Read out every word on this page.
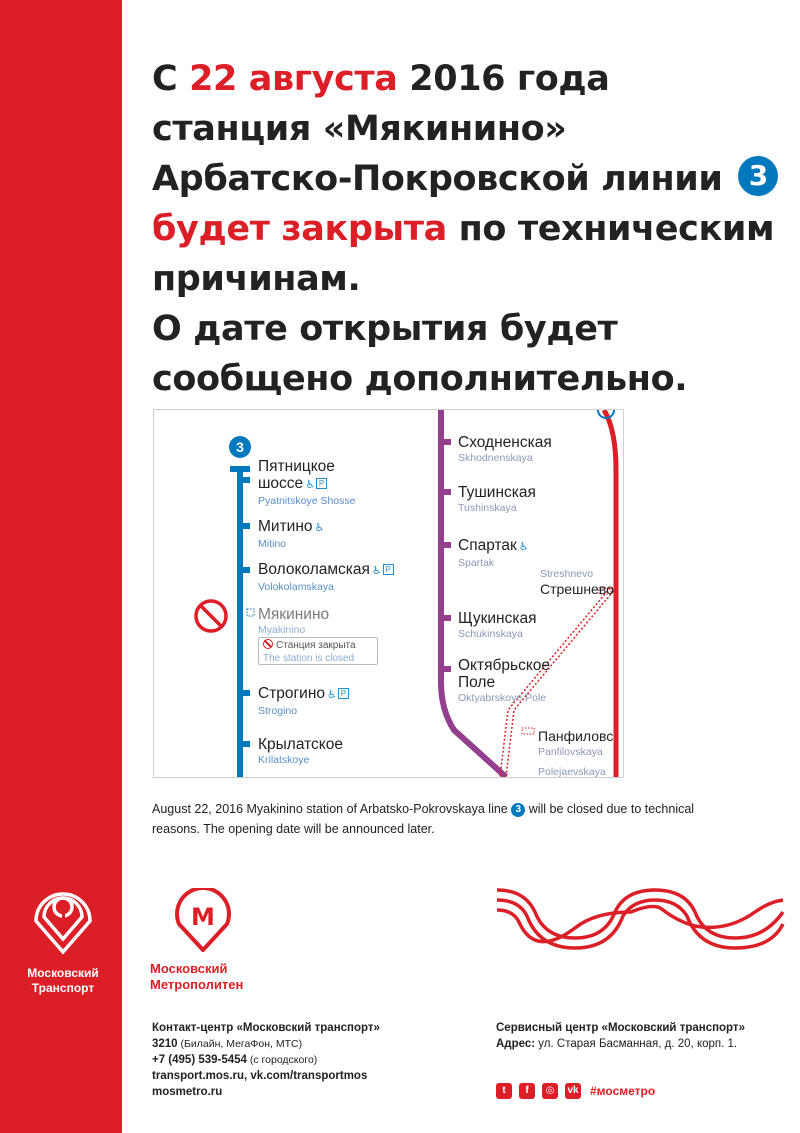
С 22 августа 2016 года
станция «Мякинино»
Арбатско-Покровской линии 3
будет закрыта по техническим
причинам.
О дате открытия будет
сообщено дополнительно.
3
Пятницкое
шоссе ♿ P
Pyatnitskoye Shosse
Митино ♿
Mitino
Волоколамская ♿ P
Volokolamskaya
Мякинино
Myakinino
Станция закрыта
The station is closed
Строгино ♿ P
Strogino
Крылатское
Krilatskoye
Сходненская
Skhodnenskaya
Тушинская
Tushinskaya
Спартак ♿
Spartak
Щукинская
Schukinskaya
Октябрьское
Поле
Oktyabrskoye Pole
Streshnevo
Стрешнево
Панфиловс
Panfilovskaya
Polejaevskaya
August 22, 2016 Myakinino station of Arbatsko-Pokrovskaya line 3 will be closed due to technical reasons. The opening date will be announced later.
Московский
Транспорт
М
Московский
Метрополитен
Контакт-центр «Московский транспорт»
3210 (Билайн, МегаФон, МТС)
+7 (495) 539-5454 (с городского)
transport.mos.ru, vk.com/transportmos
mosmetro.ru
Сервисный центр «Московский транспорт»
Адрес: ул. Старая Басманная, д. 20, корп. 1.
t	f	◎	vk #мосметро
